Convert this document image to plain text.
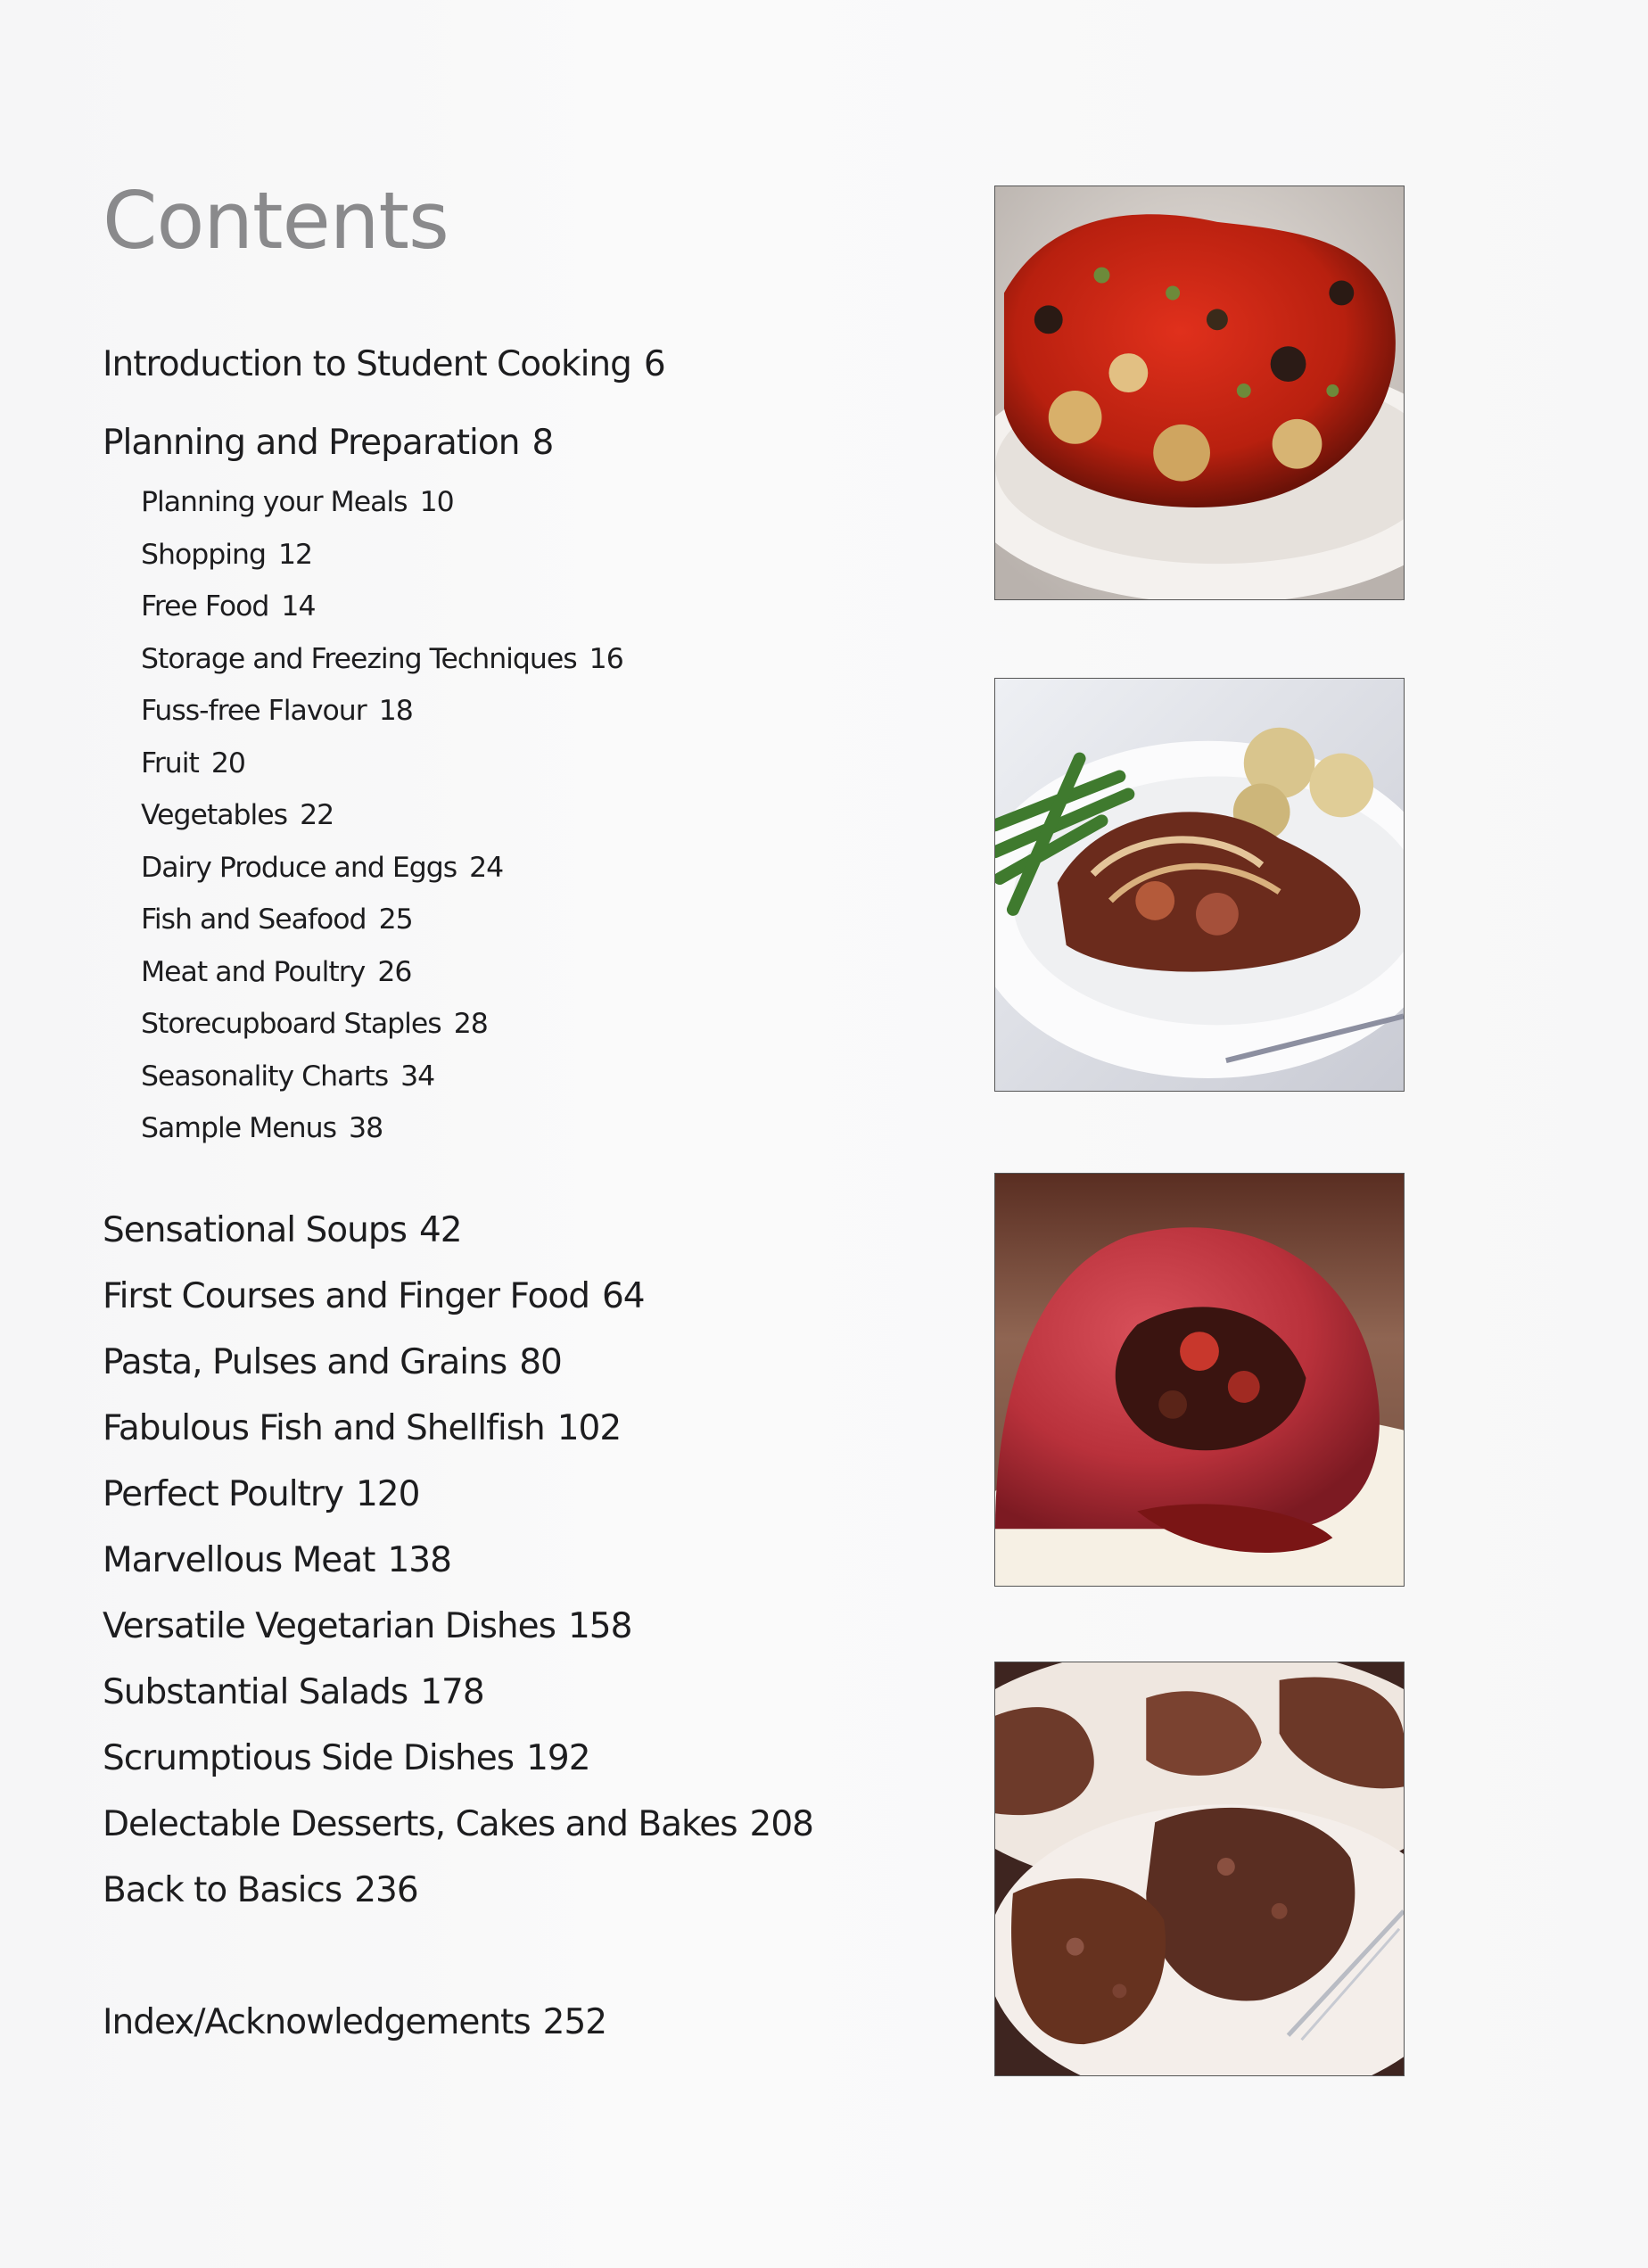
Contents
Introduction to Student Cooking 6
Planning and Preparation 8
Planning your Meals 10
Shopping 12
Free Food 14
Storage and Freezing Techniques 16
Fuss-free Flavour 18
Fruit 20
Vegetables 22
Dairy Produce and Eggs 24
Fish and Seafood 25
Meat and Poultry 26
Storecupboard Staples 28
Seasonality Charts 34
Sample Menus 38
Sensational Soups 42
First Courses and Finger Food 64
Pasta, Pulses and Grains 80
Fabulous Fish and Shellfish 102
Perfect Poultry 120
Marvellous Meat 138
Versatile Vegetarian Dishes 158
Substantial Salads 178
Scrumptious Side Dishes 192
Delectable Desserts, Cakes and Bakes 208
Back to Basics 236
Index/Acknowledgements 252
